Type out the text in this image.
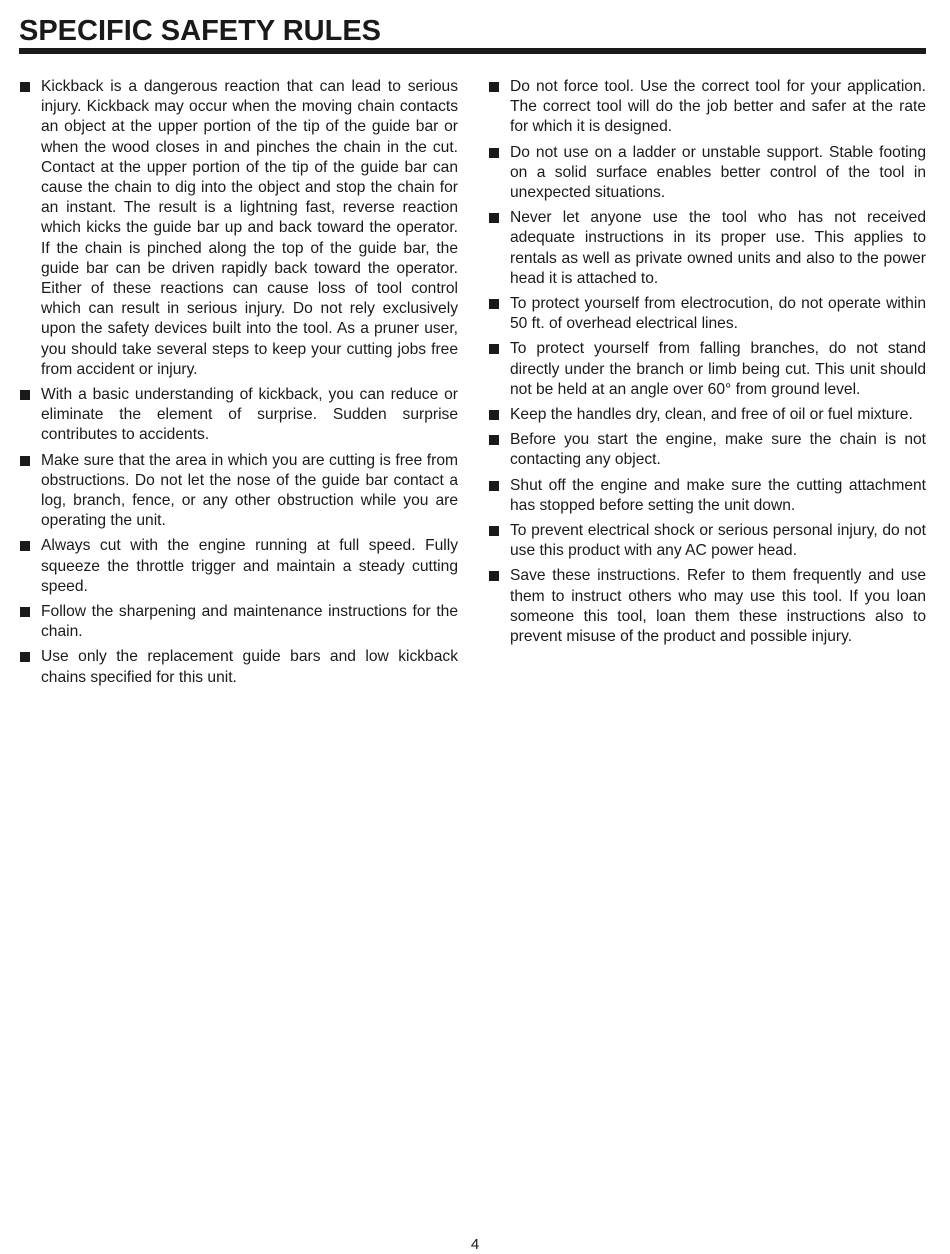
SPECIFIC SAFETY RULES
Kickback is a dangerous reaction that can lead to serious injury. Kickback may occur when the moving chain contacts an object at the upper portion of the tip of the guide bar or when the wood closes in and pinches the chain in the cut. Contact at the upper portion of the tip of the guide bar can cause the chain to dig into the object and stop the chain for an instant. The result is a lightning fast, reverse reaction which kicks the guide bar up and back toward the operator. If the chain is pinched along the top of the guide bar, the guide bar can be driven rapidly back toward the operator. Either of these reactions can cause loss of tool control which can result in serious injury. Do not rely exclusively upon the safety devices built into the tool. As a pruner user, you should take several steps to keep your cutting jobs free from accident or injury.
With a basic understanding of kickback, you can reduce or eliminate the element of surprise. Sudden surprise contributes to accidents.
Make sure that the area in which you are cutting is free from obstructions. Do not let the nose of the guide bar contact a log, branch, fence, or any other obstruction while you are operating the unit.
Always cut with the engine running at full speed. Fully squeeze the throttle trigger and maintain a steady cutting speed.
Follow the sharpening and maintenance instructions for the chain.
Use only the replacement guide bars and low kickback chains specified for this unit.
Do not force tool. Use the correct tool for your application. The correct tool will do the job better and safer at the rate for which it is designed.
Do not use on a ladder or unstable support. Stable footing on a solid surface enables better control of the tool in unexpected situations.
Never let anyone use the tool who has not received adequate instructions in its proper use. This applies to rentals as well as private owned units and also to the power head it is attached to.
To protect yourself from electrocution, do not operate within 50 ft. of overhead electrical lines.
To protect yourself from falling branches, do not stand directly under the branch or limb being cut. This unit should not be held at an angle over 60° from ground level.
Keep the handles dry, clean, and free of oil or fuel mixture.
Before you start the engine, make sure the chain is not contacting any object.
Shut off the engine and make sure the cutting attachment has stopped before setting the unit down.
To prevent electrical shock or serious personal injury, do not use this product with any AC power head.
Save these instructions. Refer to them frequently and use them to instruct others who may use this tool. If you loan someone this tool, loan them these instructions also to prevent misuse of the product and possible injury.
4
